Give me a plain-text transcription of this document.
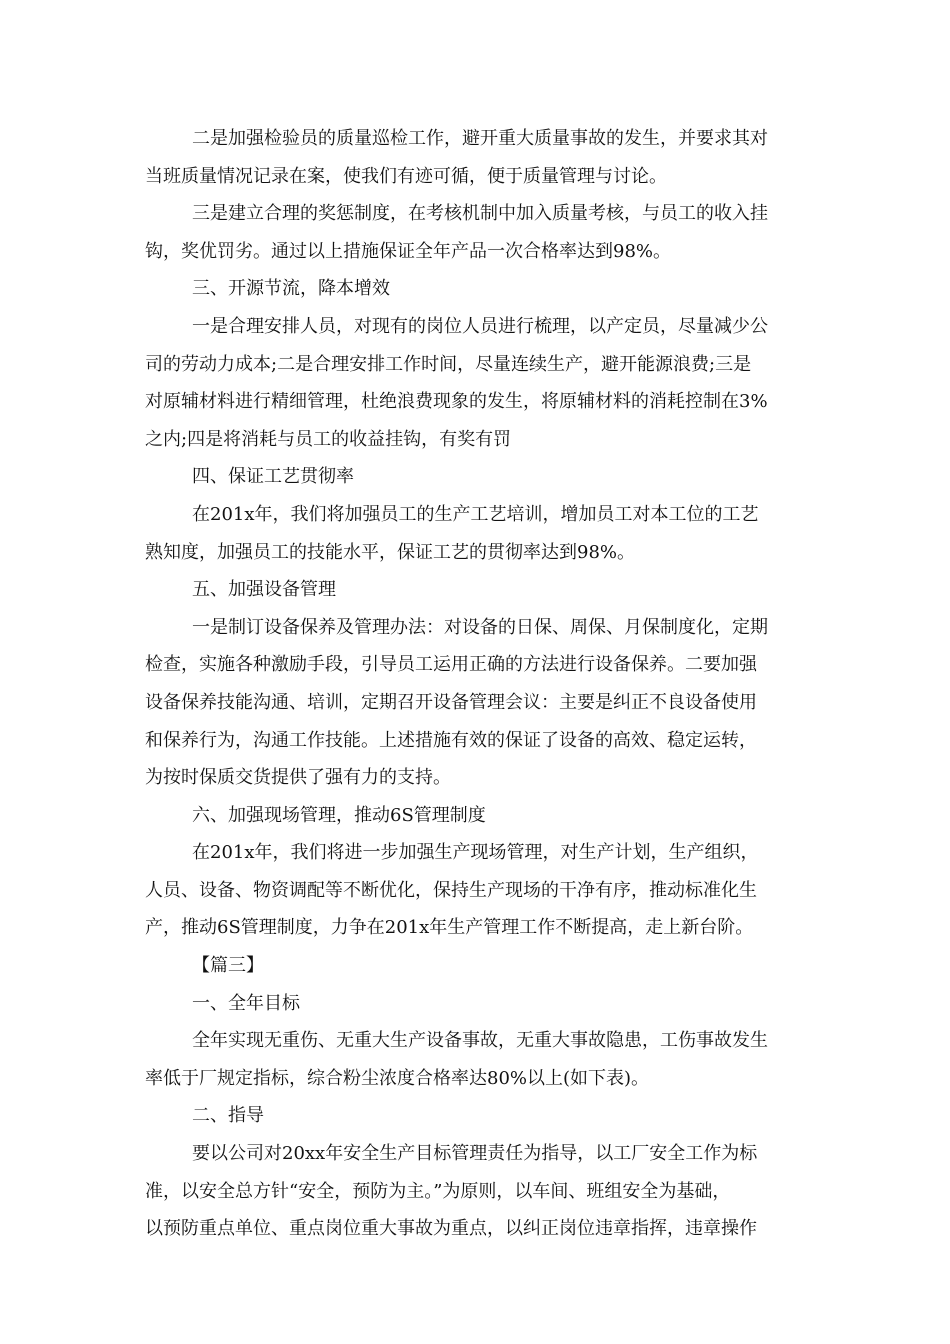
二是加强检验员的质量巡检工作，避开重大质量事故的发生，并要求其对
当班质量情况记录在案，使我们有迹可循，便于质量管理与讨论。
三是建立合理的奖惩制度，在考核机制中加入质量考核，与员工的收入挂
钩，奖优罚劣。通过以上措施保证全年产品一次合格率达到98%。
三、开源节流，降本增效
一是合理安排人员，对现有的岗位人员进行梳理，以产定员，尽量减少公
司的劳动力成本;二是合理安排工作时间，尽量连续生产，避开能源浪费;三是
对原辅材料进行精细管理，杜绝浪费现象的发生，将原辅材料的消耗控制在3%
之内;四是将消耗与员工的收益挂钩，有奖有罚
四、保证工艺贯彻率
在201x年，我们将加强员工的生产工艺培训，增加员工对本工位的工艺
熟知度，加强员工的技能水平，保证工艺的贯彻率达到98%。
五、加强设备管理
一是制订设备保养及管理办法：对设备的日保、周保、月保制度化，定期
检查，实施各种激励手段，引导员工运用正确的方法进行设备保养。二要加强
设备保养技能沟通、培训，定期召开设备管理会议：主要是纠正不良设备使用
和保养行为，沟通工作技能。上述措施有效的保证了设备的高效、稳定运转，
为按时保质交货提供了强有力的支持。
六、加强现场管理，推动6S管理制度
在201x年，我们将进一步加强生产现场管理，对生产计划，生产组织，
人员、设备、物资调配等不断优化，保持生产现场的干净有序，推动标准化生
产，推动6S管理制度，力争在201x年生产管理工作不断提高，走上新台阶。
【篇三】
一、全年目标
全年实现无重伤、无重大生产设备事故，无重大事故隐患，工伤事故发生
率低于厂规定指标，综合粉尘浓度合格率达80%以上(如下表)。
二、指导
要以公司对20xx年安全生产目标管理责任为指导，以工厂安全工作为标
准，以安全总方针“安全，预防为主。”为原则，以车间、班组安全为基础，
以预防重点单位、重点岗位重大事故为重点，以纠正岗位违章指挥，违章操作
